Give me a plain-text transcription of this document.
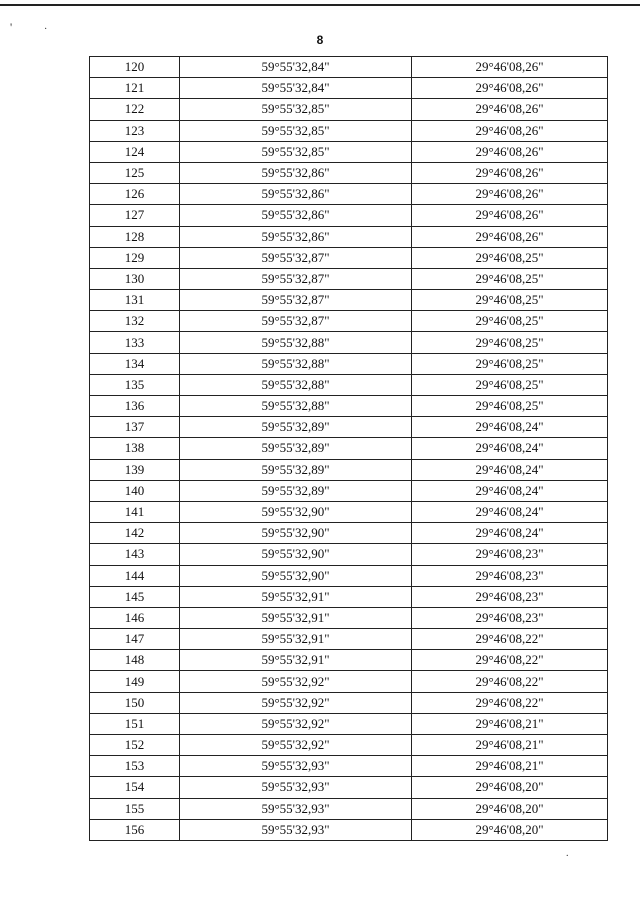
'	·
.
8
120	59°55'32,84"	29°46'08,26"
121	59°55'32,84"	29°46'08,26"
122	59°55'32,85"	29°46'08,26"
123	59°55'32,85"	29°46'08,26"
124	59°55'32,85"	29°46'08,26"
125	59°55'32,86"	29°46'08,26"
126	59°55'32,86"	29°46'08,26"
127	59°55'32,86"	29°46'08,26"
128	59°55'32,86"	29°46'08,26"
129	59°55'32,87"	29°46'08,25"
130	59°55'32,87"	29°46'08,25"
131	59°55'32,87"	29°46'08,25"
132	59°55'32,87"	29°46'08,25"
133	59°55'32,88"	29°46'08,25"
134	59°55'32,88"	29°46'08,25"
135	59°55'32,88"	29°46'08,25"
136	59°55'32,88"	29°46'08,25"
137	59°55'32,89"	29°46'08,24"
138	59°55'32,89"	29°46'08,24"
139	59°55'32,89"	29°46'08,24"
140	59°55'32,89"	29°46'08,24"
141	59°55'32,90"	29°46'08,24"
142	59°55'32,90"	29°46'08,24"
143	59°55'32,90"	29°46'08,23"
144	59°55'32,90"	29°46'08,23"
145	59°55'32,91"	29°46'08,23"
146	59°55'32,91"	29°46'08,23"
147	59°55'32,91"	29°46'08,22"
148	59°55'32,91"	29°46'08,22"
149	59°55'32,92"	29°46'08,22"
150	59°55'32,92"	29°46'08,22"
151	59°55'32,92"	29°46'08,21"
152	59°55'32,92"	29°46'08,21"
153	59°55'32,93"	29°46'08,21"
154	59°55'32,93"	29°46'08,20"
155	59°55'32,93"	29°46'08,20"
156	59°55'32,93"	29°46'08,20"
